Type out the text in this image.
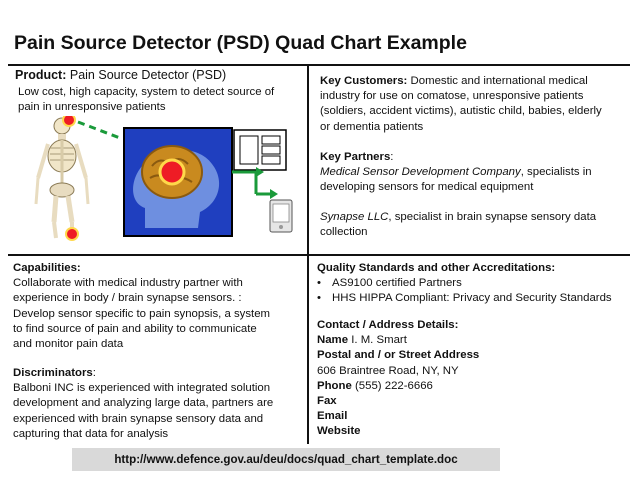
Pain Source Detector (PSD) Quad Chart Example
Product: Pain Source Detector (PSD)
Low cost, high capacity, system to detect source of
pain in unresponsive patients
Key Customers: Domestic and international medical
industry for use on comatose, unresponsive patients
(soldiers, accident victims), autistic child, babies, elderly
or dementia patients
Key Partners:
Medical Sensor Development Company, specialists in
developing sensors for medical equipment
Synapse LLC, specialist in brain synapse sensory data
collection
Capabilities:
Collaborate with medical industry partner with
experience in body / brain synapse sensors. :
Develop sensor specific to pain synopsis, a system
to find source of pain and ability to communicate
and monitor pain data
Discriminators:
Balboni INC is experienced with integrated solution
development and analyzing large data, partners are
experienced with brain synapse sensory data and
capturing that data for analysis
Quality Standards and other Accreditations:
• AS9100 certified Partners
• HHS HIPPA Compliant: Privacy and Security Standards
Contact / Address Details:
Name I. M. Smart
Postal and / or Street Address
606 Braintree Road, NY, NY
Phone (555) 222-6666
Fax
Email
Website
http://www.defence.gov.au/deu/docs/quad_chart_template.doc
